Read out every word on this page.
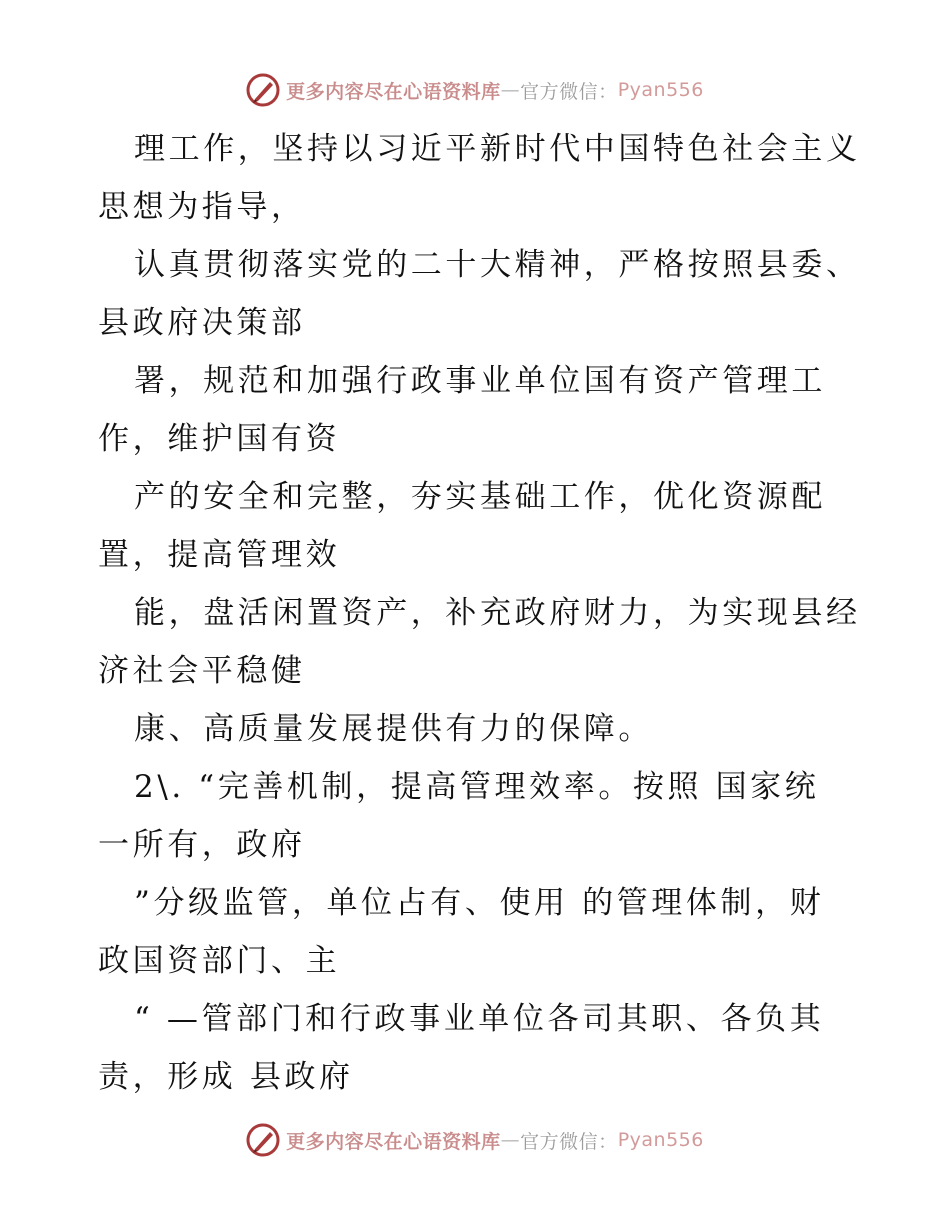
更多内容尽在心语资料库 — 官方微信： Pyan556
理工作，坚持以习近平新时代中国特色社会主义
思想为指导，
认真贯彻落实党的二十大精神，严格按照县委、
县政府决策部
署，规范和加强行政事业单位国有资产管理工
作，维护国有资
产的安全和完整，夯实基础工作，优化资源配
置，提高管理效
能，盘活闲置资产，补充政府财力，为实现县经
济社会平稳健
康、高质量发展提供有力的保障。
2\. “完善机制，提高管理效率。按照 国家统
一所有，政府
”分级监管，单位占有、使用 的管理体制，财
政国资部门、主
“ —管部门和行政事业单位各司其职、各负其
责，形成 县政府
更多内容尽在心语资料库 — 官方微信： Pyan556
